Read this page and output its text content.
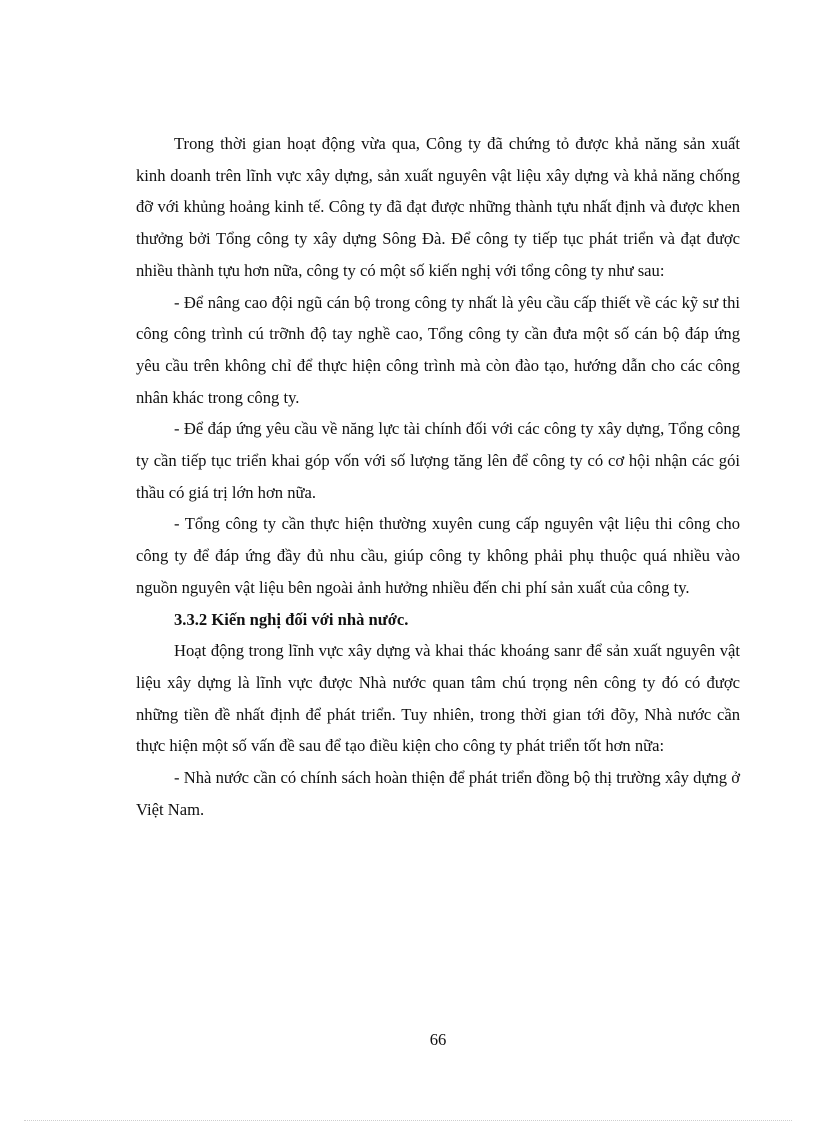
Trong thời gian hoạt động vừa qua, Công ty đã chứng tỏ được khả năng sản xuất kinh doanh trên lĩnh vực xây dựng, sản xuất nguyên vật liệu xây dựng và khả năng chống đỡ với khủng hoảng kinh tế. Công ty đã đạt được những thành tựu nhất định và được khen thưởng bởi Tổng công ty xây dựng Sông Đà. Để công ty tiếp tục phát triển và đạt được nhiều thành tựu hơn nữa, công ty có một số kiến nghị với tổng công ty như sau:

- Để nâng cao đội ngũ cán bộ trong công ty nhất là yêu cầu cấp thiết về các kỹ sư thi công công trình cú trỡnh độ tay nghề cao, Tổng công ty cần đưa một số cán bộ đáp ứng yêu cầu trên không chỉ để thực hiện công trình mà còn đào tạo, hướng dẫn cho các công nhân khác trong công ty.

- Để đáp ứng yêu cầu về năng lực tài chính đối với các công ty xây dựng, Tổng công ty cần tiếp tục triển khai góp vốn với số lượng tăng lên để công ty có cơ hội nhận các gói thầu có giá trị lớn hơn nữa.

- Tổng công ty cần thực hiện thường xuyên cung cấp nguyên vật liệu thi công cho công ty để đáp ứng đầy đủ nhu cầu, giúp công ty không phải phụ thuộc quá nhiều vào nguồn nguyên vật liệu bên ngoài ảnh hưởng nhiều đến chi phí sản xuất của công ty.

3.3.2 Kiến nghị đối với nhà nước.

Hoạt động trong lĩnh vực xây dựng và khai thác khoáng sanr để sản xuất nguyên vật liệu xây dựng là lĩnh vực được Nhà nước quan tâm chú trọng nên công ty đó có được những tiền đề nhất định để phát triển. Tuy nhiên, trong thời gian tới đõy, Nhà nước cần thực hiện một số vấn đề sau để tạo điều kiện cho công ty phát triển tốt hơn nữa:

- Nhà nước cần có chính sách hoàn thiện để phát triển đồng bộ thị trường xây dựng ở Việt Nam.

66
